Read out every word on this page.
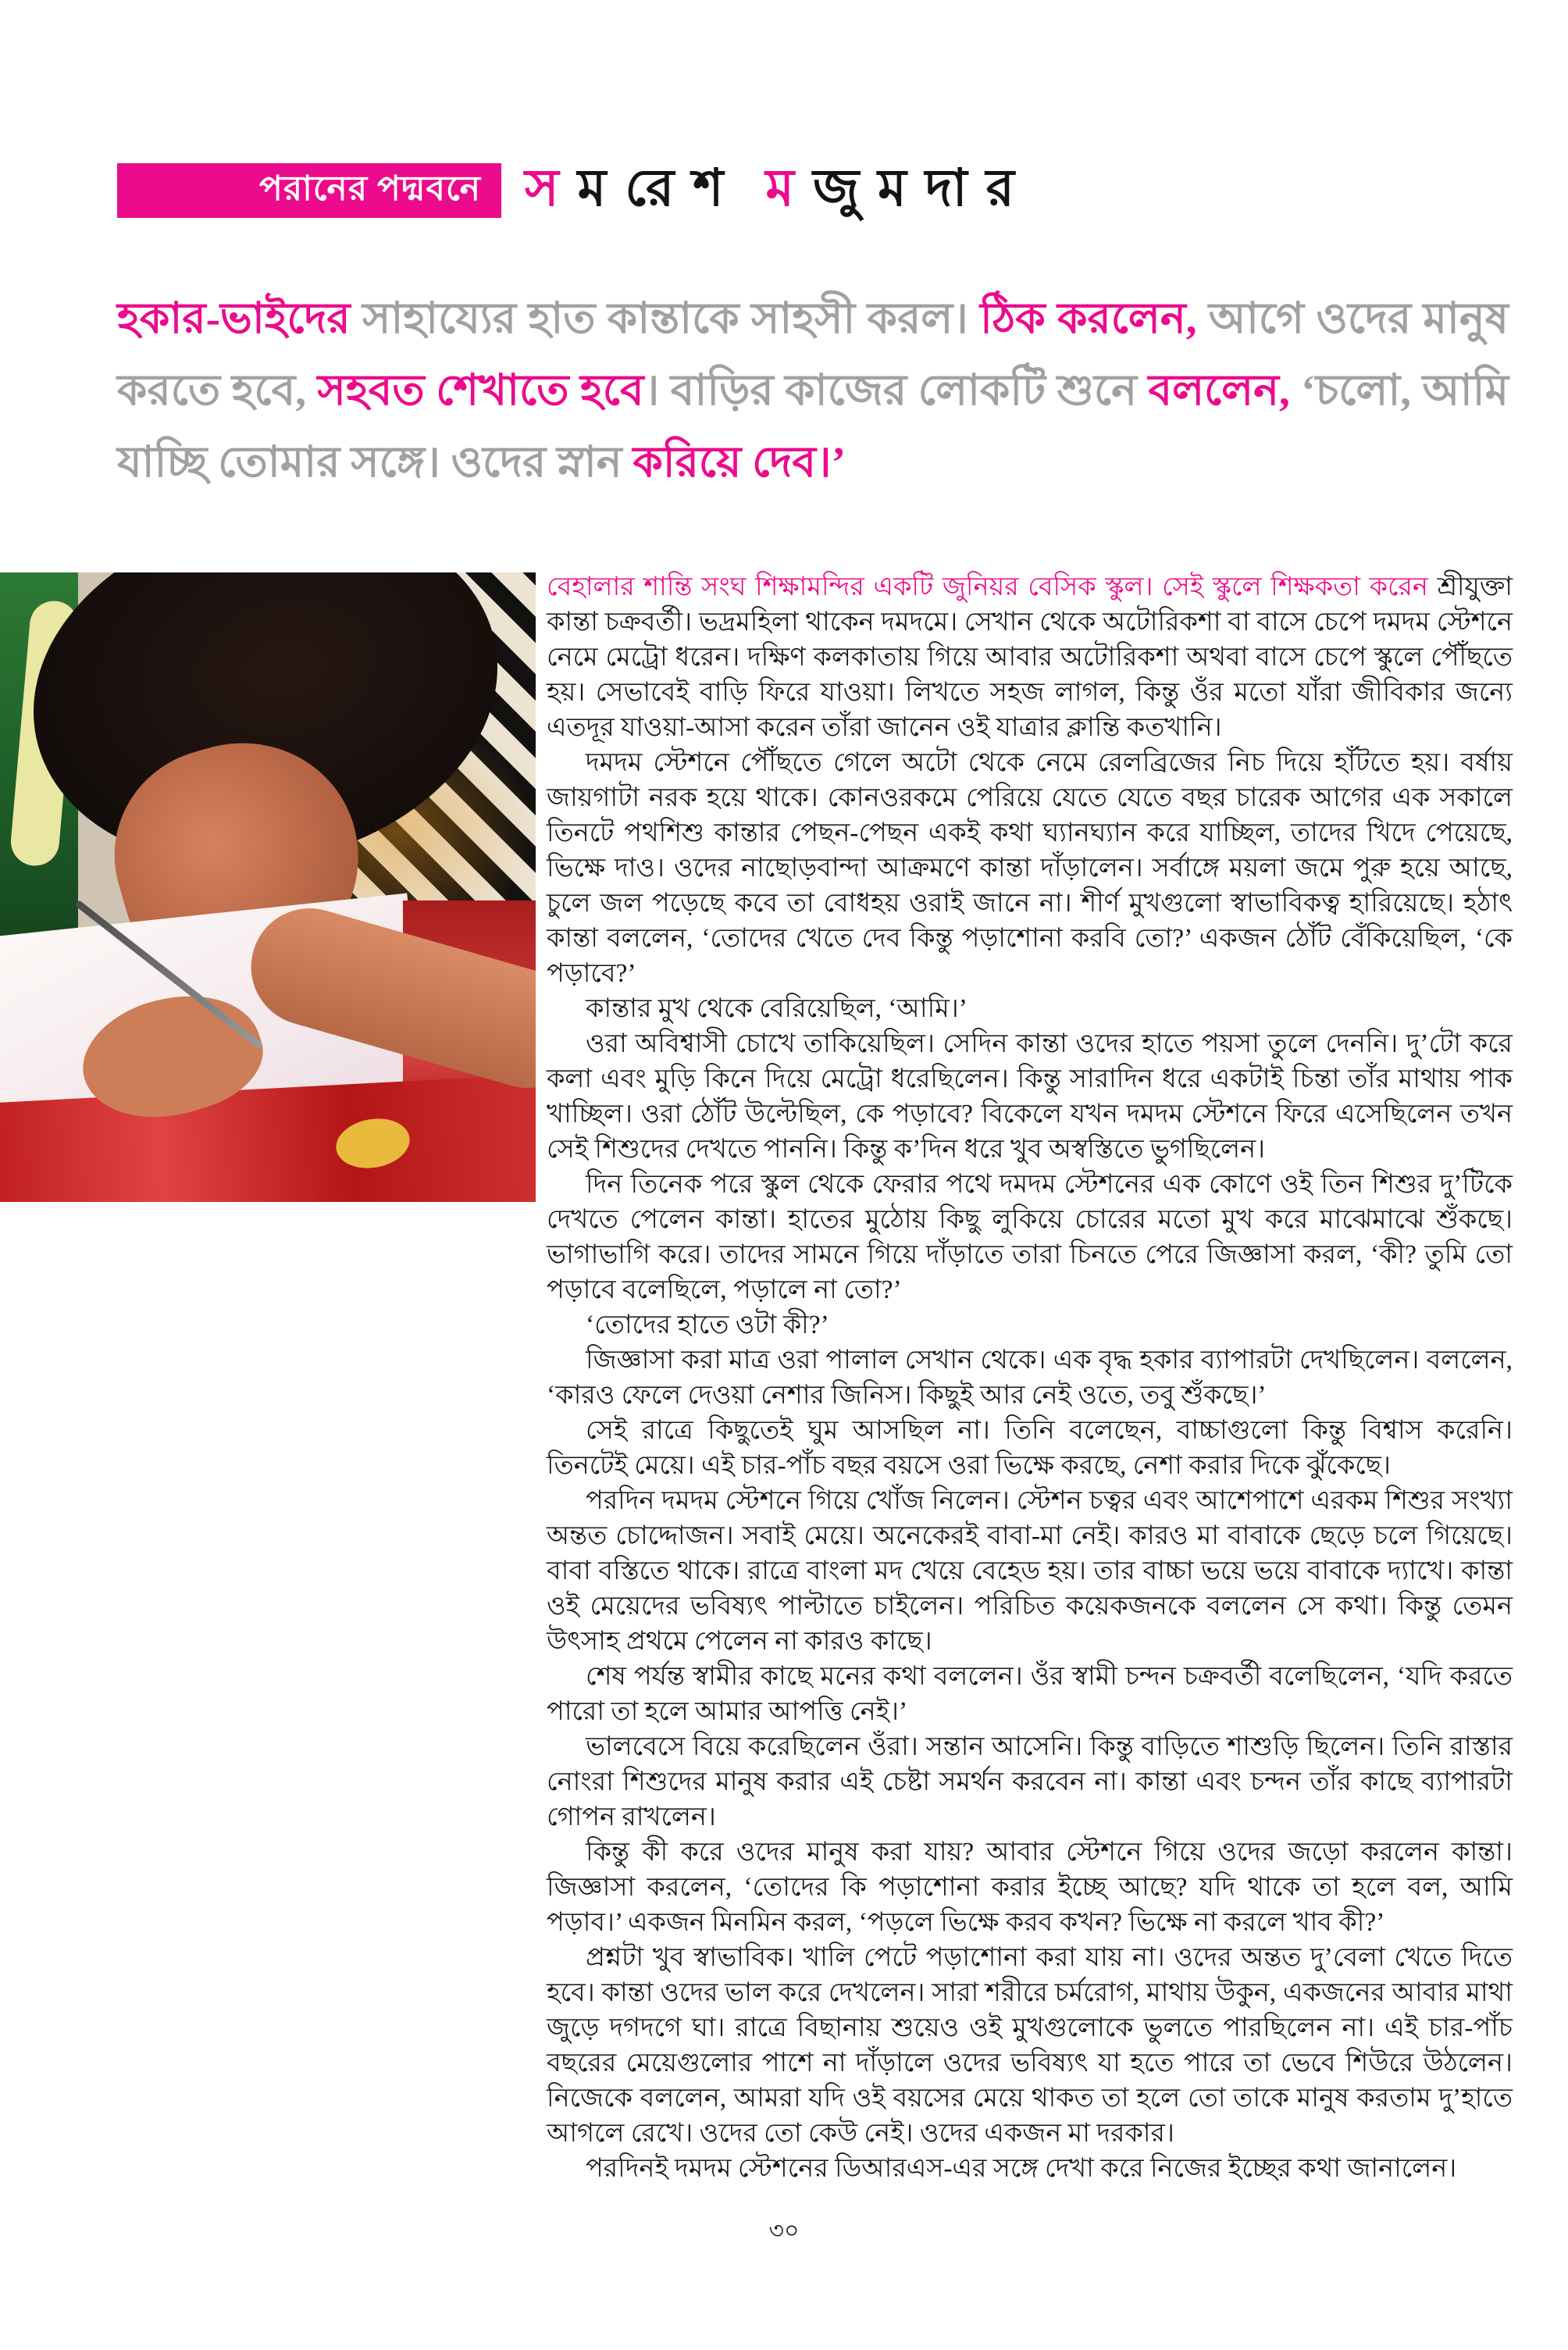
পরানের পদ্মবনে স ম রে শ ম জু ম দা র

হকার-ভাইদের সাহায্যের হাত কান্তাকে সাহসী করল। ঠিক করলেন, আগে ওদের মানুষ করতে হবে, সহবত শেখাতে হবে। বাড়ির কাজের লোকটি শুনে বললেন, ‘চলো, আমি যাচ্ছি তোমার সঙ্গে। ওদের স্নান করিয়ে দেব।’

বেহালার শান্তি সংঘ শিক্ষামন্দির একটি জুনিয়র বেসিক স্কুল। সেই স্কুলে শিক্ষকতা করেন শ্রীযুক্তা কান্তা চক্রবর্তী। ভদ্রমহিলা থাকেন দমদমে। সেখান থেকে অটোরিকশা বা বাসে চেপে দমদম স্টেশনে নেমে মেট্রো ধরেন। দক্ষিণ কলকাতায় গিয়ে আবার অটোরিকশা অথবা বাসে চেপে স্কুলে পৌঁছতে হয়। সেভাবেই বাড়ি ফিরে যাওয়া। লিখতে সহজ লাগল, কিন্তু ওঁর মতো যাঁরা জীবিকার জন্যে এতদূর যাওয়া-আসা করেন তাঁরা জানেন ওই যাত্রার ক্লান্তি কতখানি।

দমদম স্টেশনে পৌঁছতে গেলে অটো থেকে নেমে রেলব্রিজের নিচ দিয়ে হাঁটতে হয়। বর্ষায় জায়গাটা নরক হয়ে থাকে। কোনওরকমে পেরিয়ে যেতে যেতে বছর চারেক আগের এক সকালে তিনটে পথশিশু কান্তার পেছন-পেছন একই কথা ঘ্যানঘ্যান করে যাচ্ছিল, তাদের খিদে পেয়েছে, ভিক্ষে দাও। ওদের নাছোড়বান্দা আক্রমণে কান্তা দাঁড়ালেন। সর্বাঙ্গে ময়লা জমে পুরু হয়ে আছে, চুলে জল পড়েছে কবে তা বোধহয় ওরাই জানে না। শীর্ণ মুখগুলো স্বাভাবিকত্ব হারিয়েছে। হঠাৎ কান্তা বললেন, ‘তোদের খেতে দেব কিন্তু পড়াশোনা করবি তো?’ একজন ঠোঁট বেঁকিয়েছিল, ‘কে পড়াবে?’

কান্তার মুখ থেকে বেরিয়েছিল, ‘আমি।’

ওরা অবিশ্বাসী চোখে তাকিয়েছিল। সেদিন কান্তা ওদের হাতে পয়সা তুলে দেননি। দু’টো করে কলা এবং মুড়ি কিনে দিয়ে মেট্রো ধরেছিলেন। কিন্তু সারাদিন ধরে একটাই চিন্তা তাঁর মাথায় পাক খাচ্ছিল। ওরা ঠোঁট উল্টেছিল, কে পড়াবে? বিকেলে যখন দমদম স্টেশনে ফিরে এসেছিলেন তখন সেই শিশুদের দেখতে পাননি। কিন্তু ক’দিন ধরে খুব অস্বস্তিতে ভুগছিলেন।

দিন তিনেক পরে স্কুল থেকে ফেরার পথে দমদম স্টেশনের এক কোণে ওই তিন শিশুর দু’টিকে দেখতে পেলেন কান্তা। হাতের মুঠোয় কিছু লুকিয়ে চোরের মতো মুখ করে মাঝেমাঝে শুঁকছে। ভাগাভাগি করে। তাদের সামনে গিয়ে দাঁড়াতে তারা চিনতে পেরে জিজ্ঞাসা করল, ‘কী? তুমি তো পড়াবে বলেছিলে, পড়ালে না তো?’

‘তোদের হাতে ওটা কী?’

জিজ্ঞাসা করা মাত্র ওরা পালাল সেখান থেকে। এক বৃদ্ধ হকার ব্যাপারটা দেখছিলেন। বললেন, ‘কারও ফেলে দেওয়া নেশার জিনিস। কিছুই আর নেই ওতে, তবু শুঁকছে।’

সেই রাত্রে কিছুতেই ঘুম আসছিল না। তিনি বলেছেন, বাচ্চাগুলো কিন্তু বিশ্বাস করেনি। তিনটেই মেয়ে। এই চার-পাঁচ বছর বয়সে ওরা ভিক্ষে করছে, নেশা করার দিকে ঝুঁকেছে।

পরদিন দমদম স্টেশনে গিয়ে খোঁজ নিলেন। স্টেশন চত্বর এবং আশেপাশে এরকম শিশুর সংখ্যা অন্তত চোদ্দোজন। সবাই মেয়ে। অনেকেরই বাবা-মা নেই। কারও মা বাবাকে ছেড়ে চলে গিয়েছে। বাবা বস্তিতে থাকে। রাত্রে বাংলা মদ খেয়ে বেহেড হয়। তার বাচ্চা ভয়ে ভয়ে বাবাকে দ্যাখে। কান্তা ওই মেয়েদের ভবিষ্যৎ পাল্টাতে চাইলেন। পরিচিত কয়েকজনকে বললেন সে কথা। কিন্তু তেমন উৎসাহ প্রথমে পেলেন না কারও কাছে।

শেষ পর্যন্ত স্বামীর কাছে মনের কথা বললেন। ওঁর স্বামী চন্দন চক্রবর্তী বলেছিলেন, ‘যদি করতে পারো তা হলে আমার আপত্তি নেই।’

ভালবেসে বিয়ে করেছিলেন ওঁরা। সন্তান আসেনি। কিন্তু বাড়িতে শাশুড়ি ছিলেন। তিনি রাস্তার নোংরা শিশুদের মানুষ করার এই চেষ্টা সমর্থন করবেন না। কান্তা এবং চন্দন তাঁর কাছে ব্যাপারটা গোপন রাখলেন।

কিন্তু কী করে ওদের মানুষ করা যায়? আবার স্টেশনে গিয়ে ওদের জড়ো করলেন কান্তা। জিজ্ঞাসা করলেন, ‘তোদের কি পড়াশোনা করার ইচ্ছে আছে? যদি থাকে তা হলে বল, আমি পড়াব।’ একজন মিনমিন করল, ‘পড়লে ভিক্ষে করব কখন? ভিক্ষে না করলে খাব কী?’

প্রশ্নটা খুব স্বাভাবিক। খালি পেটে পড়াশোনা করা যায় না। ওদের অন্তত দু’বেলা খেতে দিতে হবে। কান্তা ওদের ভাল করে দেখলেন। সারা শরীরে চর্মরোগ, মাথায় উকুন, একজনের আবার মাথা জুড়ে দগদগে ঘা। রাত্রে বিছানায় শুয়েও ওই মুখগুলোকে ভুলতে পারছিলেন না। এই চার-পাঁচ বছরের মেয়েগুলোর পাশে না দাঁড়ালে ওদের ভবিষ্যৎ যা হতে পারে তা ভেবে শিউরে উঠলেন। নিজেকে বললেন, আমরা যদি ওই বয়সের মেয়ে থাকত তা হলে তো তাকে মানুষ করতাম দু’হাতে আগলে রেখে। ওদের তো কেউ নেই। ওদের একজন মা দরকার।

পরদিনই দমদম স্টেশনের ডিআরএস-এর সঙ্গে দেখা করে নিজের ইচ্ছের কথা জানালেন।

৩০
